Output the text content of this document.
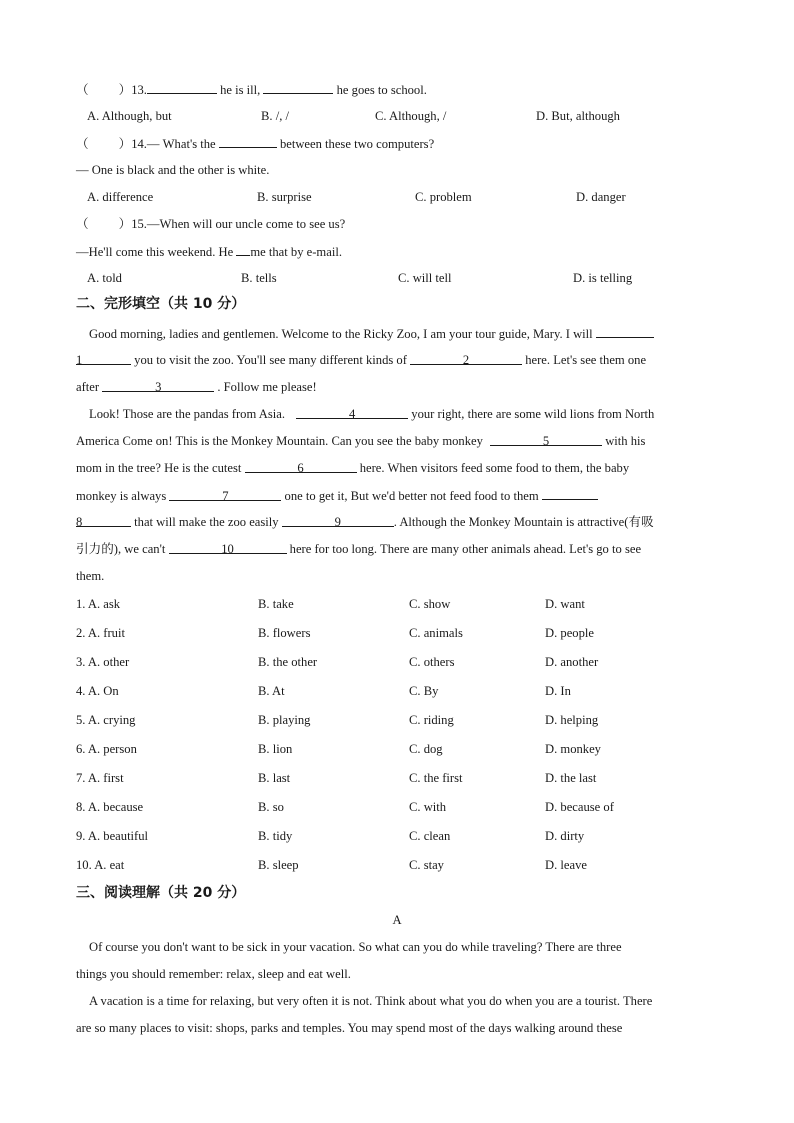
（ ）13.	he is ill,	he goes to school.
A. Although, but	B. /, /	C. Although, /	D. But, although
（ ）14.— What's the	between these two computers?
— One is black and the other is white.
A. difference	B. surprise	C. problem	D. danger
（ ）15.—When will our uncle come to see us?
—He'll come this weekend. He me that by e-mail.
A. told	B. tells	C. will tell	D. is telling
二、完形填空（共 10 分）
Good morning, ladies and gentlemen. Welcome to the Ricky Zoo, I am your tour guide, Mary. I will
1	you to visit the zoo. You'll see many different kinds of	2	here. Let's see them one
after	3	. Follow me please!
Look! Those are the pandas from Asia.	4	your right, there are some wild lions from North
America Come on! This is the Monkey Mountain. Can you see the baby monkey	5	with his
mom in the tree? He is the cutest	6	here. When visitors feed some food to them, the baby
monkey is always	7	one to get it, But we'd better not feed food to them
8	that will make the zoo easily	9	. Although the Monkey Mountain is attractive(有吸
引力的), we can't	10	here for too long. There are many other animals ahead. Let's go to see
them.
1. A. ask	B. take	C. show	D. want
2. A. fruit	B. flowers	C. animals	D. people
3. A. other	B. the other	C. others	D. another
4. A. On	B. At	C. By	D. In
5. A. crying	B. playing	C. riding	D. helping
6. A. person	B. lion	C. dog	D. monkey
7. A. first	B. last	C. the first	D. the last
8. A. because	B. so	C. with	D. because of
9. A. beautiful	B. tidy	C. clean	D. dirty
10. A. eat	B. sleep	C. stay	D. leave
三、阅读理解（共 20 分）
A
Of course you don't want to be sick in your vacation. So what can you do while traveling? There are three
things you should remember: relax, sleep and eat well.
A vacation is a time for relaxing, but very often it is not. Think about what you do when you are a tourist. There
are so many places to visit: shops, parks and temples. You may spend most of the days walking around these
